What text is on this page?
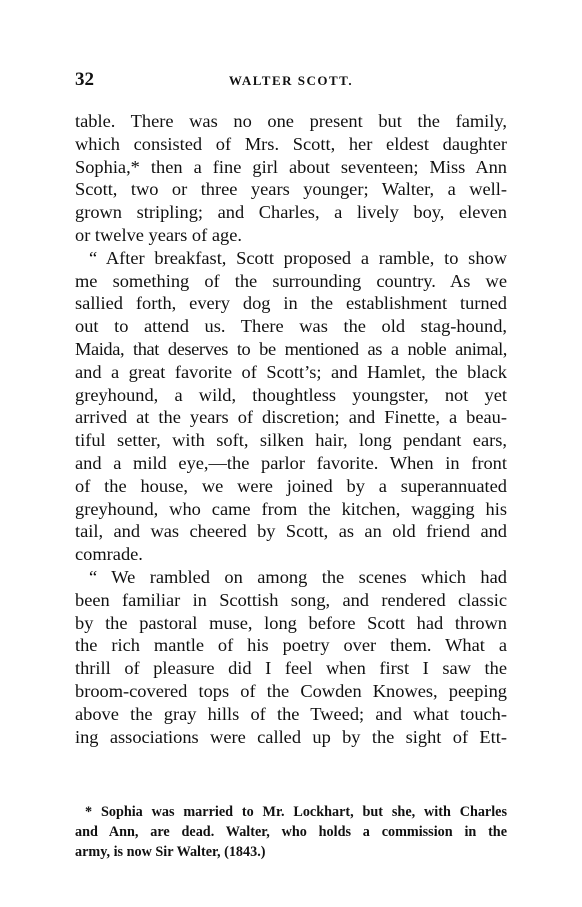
32	WALTER SCOTT.
table. There was no one present but the family,
which consisted of Mrs. Scott, her eldest daughter
Sophia,* then a fine girl about seventeen; Miss Ann
Scott, two or three years younger; Walter, a well-
grown stripling; and Charles, a lively boy, eleven
or twelve years of age.
“ After breakfast, Scott proposed a ramble, to show
me something of the surrounding country. As we
sallied forth, every dog in the establishment turned
out to attend us. There was the old stag-hound,
Maida, that deserves to be mentioned as a noble animal,
and a great favorite of Scott’s; and Hamlet, the black
greyhound, a wild, thoughtless youngster, not yet
arrived at the years of discretion; and Finette, a beau-
tiful setter, with soft, silken hair, long pendant ears,
and a mild eye,—the parlor favorite. When in front
of the house, we were joined by a superannuated
greyhound, who came from the kitchen, wagging his
tail, and was cheered by Scott, as an old friend and
comrade.
“ We rambled on among the scenes which had
been familiar in Scottish song, and rendered classic
by the pastoral muse, long before Scott had thrown
the rich mantle of his poetry over them. What a
thrill of pleasure did I feel when first I saw the
broom-covered tops of the Cowden Knowes, peeping
above the gray hills of the Tweed; and what touch-
ing associations were called up by the sight of Ett-
* Sophia was married to Mr. Lockhart, but she, with Charles
and Ann, are dead. Walter, who holds a commission in the
army, is now Sir Walter, (1843.)
